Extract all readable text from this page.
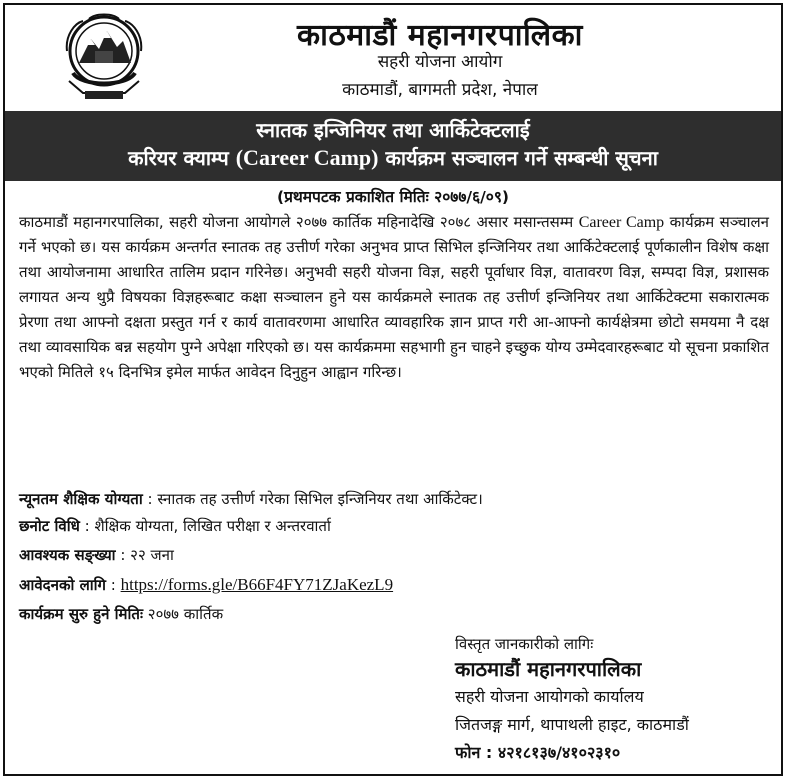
काठमाडौं महानगरपालिका
सहरी योजना आयोग
काठमाडौं, बागमती प्रदेश, नेपाल
स्नातक इन्जिनियर तथा आर्किटेक्टलाई
करियर क्याम्प (Career Camp) कार्यक्रम सञ्चालन गर्ने सम्बन्धी सूचना
(प्रथमपटक प्रकाशित मितिः २०७७/६/०९)
काठमाडौं महानगरपालिका, सहरी योजना आयोगले २०७७ कार्तिक महिनादेखि २०७८ असार मसान्तसम्म Career Camp कार्यक्रम सञ्चालन गर्ने भएको छ। यस कार्यक्रम अन्तर्गत स्नातक तह उत्तीर्ण गरेका अनुभव प्राप्त सिभिल इन्जिनियर तथा आर्किटेक्टलाई पूर्णकालीन विशेष कक्षा तथा आयोजनामा आधारित तालिम प्रदान गरिनेछ। अनुभवी सहरी योजना विज्ञ, सहरी पूर्वाधार विज्ञ, वातावरण विज्ञ, सम्पदा विज्ञ, प्रशासक लगायत अन्य थुप्रै विषयका विज्ञहरूबाट कक्षा सञ्चालन हुने यस कार्यक्रमले स्नातक तह उत्तीर्ण इन्जिनियर तथा आर्किटेक्टमा सकारात्मक प्रेरणा तथा आफ्नो दक्षता प्रस्तुत गर्न र कार्य वातावरणमा आधारित व्यावहारिक ज्ञान प्राप्त गरी आ-आफ्नो कार्यक्षेत्रमा छोटो समयमा नै दक्ष तथा व्यावसायिक बन्न सहयोग पुग्ने अपेक्षा गरिएको छ। यस कार्यक्रममा सहभागी हुन चाहने इच्छुक योग्य उम्मेदवारहरूबाट यो सूचना प्रकाशित भएको मितिले १५ दिनभित्र इमेल मार्फत आवेदन दिनुहुन आह्वान गरिन्छ।
न्यूनतम शैक्षिक योग्यता : स्नातक तह उत्तीर्ण गरेका सिभिल इन्जिनियर तथा आर्किटेक्ट।
छनोट विधि : शैक्षिक योग्यता, लिखित परीक्षा र अन्तरवार्ता
आवश्यक सङ्ख्या : २२ जना
आवेदनको लागि : https://forms.gle/B66F4FY71ZJaKezL9
कार्यक्रम सुरु हुने मितिः २०७७ कार्तिक
विस्तृत जानकारीको लागिः
काठमाडौं महानगरपालिका
सहरी योजना आयोगको कार्यालय
जितजङ्ग मार्ग, थापाथली हाइट, काठमाडौं
फोन : ४२१८१३७/४१०२३१०
